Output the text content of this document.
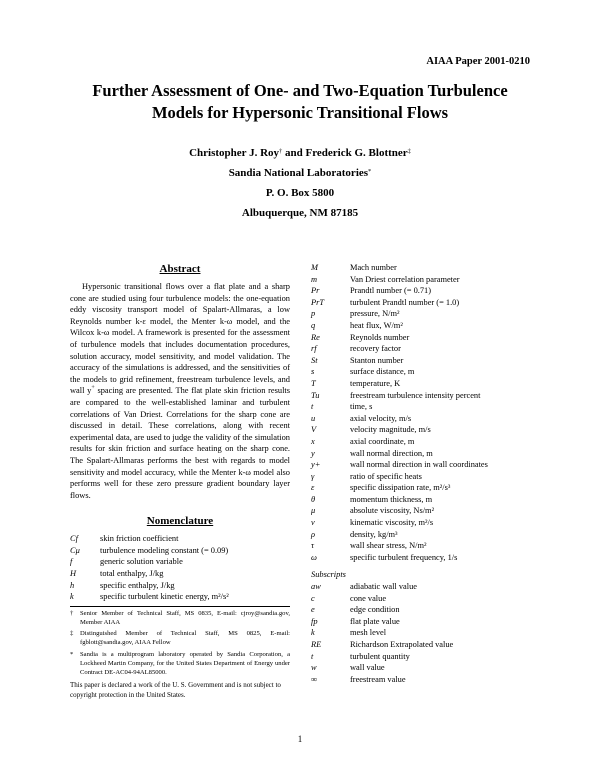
AIAA Paper 2001-0210
Further Assessment of One- and Two-Equation Turbulence
Models for Hypersonic Transitional Flows
Christopher J. Roy† and Frederick G. Blottner‡
Sandia National Laboratories*
P. O. Box 5800
Albuquerque, NM 87185
Abstract
Hypersonic transitional flows over a flat plate and a sharp cone are studied using four turbulence models: the one-equation eddy viscosity transport model of Spalart-Allmaras, a low Reynolds number k-ε model, the Menter k-ω model, and the Wilcox k-ω model. A framework is presented for the assessment of turbulence models that includes documentation procedures, solution accuracy, model sensitivity, and model validation. The accuracy of the simulations is addressed, and the sensitivities of the models to grid refinement, freestream turbulence levels, and wall y+ spacing are presented. The flat plate skin friction results are compared to the well-established laminar and turbulent correlations of Van Driest. Correlations for the sharp cone are discussed in detail. These correlations, along with recent experimental data, are used to judge the validity of the simulation results for skin friction and surface heating on the sharp cone. The Spalart-Allmaras performs the best with regards to model sensitivity and model accuracy, while the Menter k-ω model also performs well for these zero pressure gradient boundary layer flows.
Nomenclature
Cf	skin friction coefficient
Cμ	turbulence modeling constant (= 0.09)
f	generic solution variable
H	total enthalpy, J/kg
h	specific enthalpy, J/kg
k	specific turbulent kinetic energy, m²/s²
†	Senior Member of Technical Staff, MS 0835, E-mail: cjroy@sandia.gov, Member AIAA
‡	Distinguished Member of Technical Staff, MS 0825, E-mail: fgblott@sandia.gov, AIAA Fellow
*	Sandia is a multiprogram laboratory operated by Sandia Corporation, a Lockheed Martin Company, for the United States Department of Energy under Contract DE-AC04-94AL85000.
This paper is declared a work of the U. S. Government and is not subject to copyright protection in the United States.
M	Mach number
m	Van Driest correlation parameter
Pr	Prandtl number (= 0.71)
PrT	turbulent Prandtl number (= 1.0)
p	pressure, N/m²
q	heat flux, W/m²
Re	Reynolds number
rf	recovery factor
St	Stanton number
s	surface distance, m
T	temperature, K
Tu	freestream turbulence intensity percent
t	time, s
u	axial velocity, m/s
V	velocity magnitude, m/s
x	axial coordinate, m
y	wall normal direction, m
y+	wall normal direction in wall coordinates
γ	ratio of specific heats
ε	specific dissipation rate, m²/s³
θ	momentum thickness, m
μ	absolute viscosity, Ns/m²
ν	kinematic viscosity, m²/s
ρ	density, kg/m³
τ	wall shear stress, N/m²
ω	specific turbulent frequency, 1/s
Subscripts
aw	adiabatic wall value
c	cone value
e	edge condition
fp	flat plate value
k	mesh level
RE	Richardson Extrapolated value
t	turbulent quantity
w	wall value
∞	freestream value
1
